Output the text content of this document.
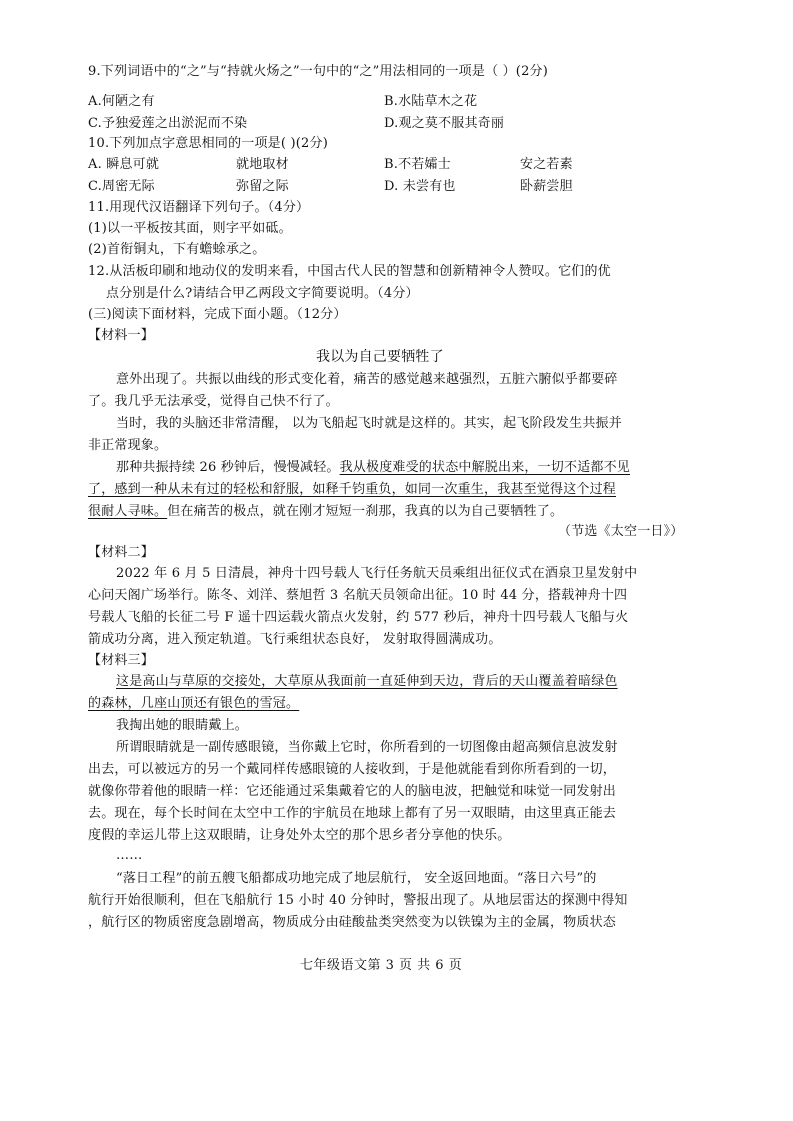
9.下列词语中的“之”与“持就火炀之”一句中的“之”用法相同的一项是（ ）(2分)
A.何陋之有	B.水陆草木之花
C.予独爱莲之出淤泥而不染	D.观之莫不服其奇丽
10.下列加点字意思相同的一项是( )(2分)
A. 瞬息可就	就地取材	B.不若孀士	安之若素
C.周密无际	弥留之际	D. 未尝有也	卧薪尝胆
11.用现代汉语翻译下列句子。（4分）
(1)以一平板按其面，则字平如砥。
(2)首衔铜丸，下有蟾蜍承之。
12.从活板印刷和地动仪的发明来看，中国古代人民的智慧和创新精神令人赞叹。它们的优
点分别是什么?请结合甲乙两段文字简要说明。（4分）
(三)阅读下面材料，完成下面小题。（12分）
【材料一】
我以为自己要牺牲了
意外出现了。共振以曲线的形式变化着，痛苦的感觉越来越强烈，五脏六腑似乎都要碎
了。我几乎无法承受，觉得自己快不行了。
当时，我的头脑还非常清醒， 以为飞船起飞时就是这样的。其实，起飞阶段发生共振并
非正常现象。
那种共振持续 26 秒钟后，慢慢减轻。我从极度难受的状态中解脱出来，一切不适都不见
了，感到一种从未有过的轻松和舒服，如释千钧重负，如同一次重生，我甚至觉得这个过程
很耐人寻味。但在痛苦的极点，就在刚才短短一刹那，我真的以为自己要牺牲了。
（节选《太空一日》）
【材料二】
2022 年 6 月 5 日清晨，神舟十四号载人飞行任务航天员乘组出征仪式在酒泉卫星发射中
心问天阁广场举行。陈冬、刘洋、蔡旭哲 3 名航天员领命出征。10 时 44 分，搭载神舟十四
号载人飞船的长征二号 F 遥十四运载火箭点火发射，约 577 秒后，神舟十四号载人飞船与火
箭成功分离，进入预定轨道。飞行乘组状态良好， 发射取得圆满成功。
【材料三】
这是高山与草原的交接处，大草原从我面前一直延伸到天边，背后的天山覆盖着暗绿色
的森林，几座山顶还有银色的雪冠。
我掏出她的眼睛戴上。
所谓眼睛就是一副传感眼镜，当你戴上它时，你所看到的一切图像由超高频信息波发射
出去，可以被远方的另一个戴同样传感眼镜的人接收到，于是他就能看到你所看到的一切，
就像你带着他的眼睛一样：它还能通过采集戴着它的人的脑电波，把触觉和味觉一同发射出
去。现在，每个长时间在太空中工作的宇航员在地球上都有了另一双眼睛，由这里真正能去
度假的幸运儿带上这双眼睛，让身处外太空的那个思乡者分享他的快乐。
……
“落日工程”的前五艘飞船都成功地完成了地层航行， 安全返回地面。“落日六号”的
航行开始很顺利，但在飞船航行 15 小时 40 分钟时，警报出现了。从地层雷达的探测中得知
，航行区的物质密度急剧增高，物质成分由硅酸盐类突然变为以铁镍为主的金属，物质状态
七年级语文第 3 页 共 6 页
